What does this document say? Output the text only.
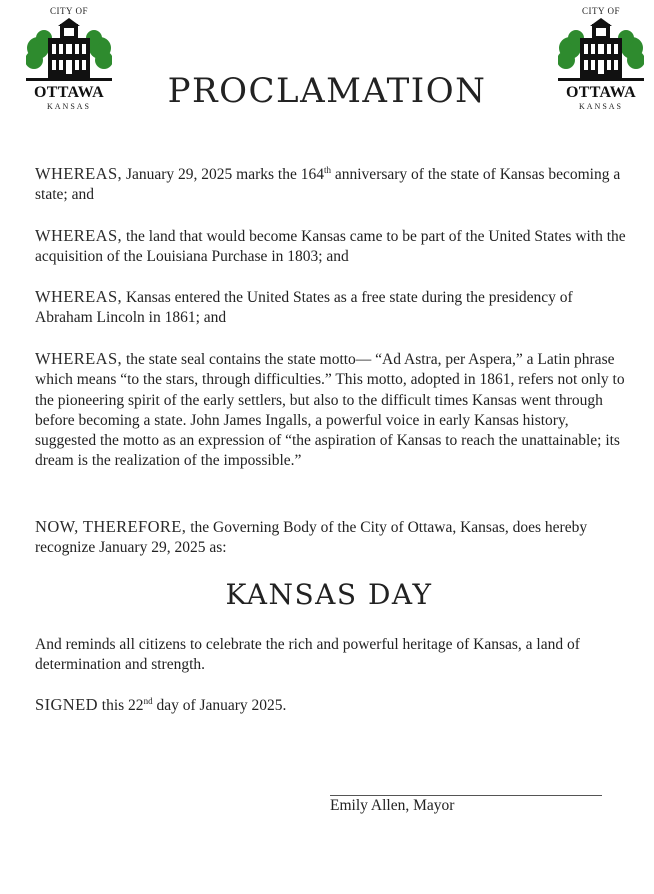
CITY OF
OTTAWA
KANSAS
CITY OF
OTTAWA
KANSAS
PROCLAMATION

WHEREAS, January 29, 2025 marks the 164th anniversary of the state of Kansas becoming a state; and

WHEREAS, the land that would become Kansas came to be part of the United States with the acquisition of the Louisiana Purchase in 1803; and

WHEREAS, Kansas entered the United States as a free state during the presidency of Abraham Lincoln in 1861; and

WHEREAS, the state seal contains the state motto— “Ad Astra, per Aspera,” a Latin phrase which means “to the stars, through difficulties.” This motto, adopted in 1861, refers not only to the pioneering spirit of the early settlers, but also to the difficult times Kansas went through before becoming a state. John James Ingalls, a powerful voice in early Kansas history, suggested the motto as an expression of “the aspiration of Kansas to reach the unattainable; its dream is the realization of the impossible.”

NOW, THEREFORE, the Governing Body of the City of Ottawa, Kansas, does hereby recognize January 29, 2025 as:

KANSAS DAY

And reminds all citizens to celebrate the rich and powerful heritage of Kansas, a land of determination and strength.

SIGNED this 22nd day of January 2025.

Emily Allen, Mayor
